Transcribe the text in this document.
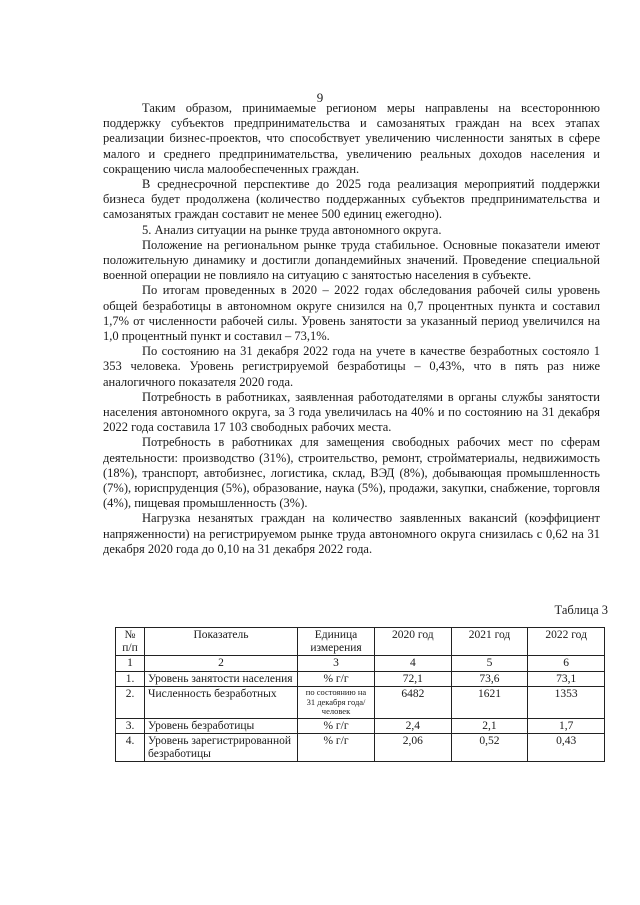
9

Таким образом, принимаемые регионом меры направлены на всестороннюю поддержку субъектов предпринимательства и самозанятых граждан на всех этапах реализации бизнес-проектов, что способствует увеличению численности занятых в сфере малого и среднего предпринимательства, увеличению реальных доходов населения и сокращению числа малообеспеченных граждан.

В среднесрочной перспективе до 2025 года реализация мероприятий поддержки бизнеса будет продолжена (количество поддержанных субъектов предпринимательства и самозанятых граждан составит не менее 500 единиц ежегодно).

5. Анализ ситуации на рынке труда автономного округа.

Положение на региональном рынке труда стабильное. Основные показатели имеют положительную динамику и достигли допандемийных значений. Проведение специальной военной операции не повлияло на ситуацию с занятостью населения в субъекте.

По итогам проведенных в 2020 – 2022 годах обследования рабочей силы уровень общей безработицы в автономном округе снизился на 0,7 процентных пункта и составил 1,7% от численности рабочей силы. Уровень занятости за указанный период увеличился на 1,0 процентный пункт и составил – 73,1%.

По состоянию на 31 декабря 2022 года на учете в качестве безработных состояло 1 353 человека. Уровень регистрируемой безработицы – 0,43%, что в пять раз ниже аналогичного показателя 2020 года.

Потребность в работниках, заявленная работодателями в органы службы занятости населения автономного округа, за 3 года увеличилась на 40% и по состоянию на 31 декабря 2022 года составила 17 103 свободных рабочих места.

Потребность в работниках для замещения свободных рабочих мест по сферам деятельности: производство (31%), строительство, ремонт, стройматериалы, недвижимость (18%), транспорт, автобизнес, логистика, склад, ВЭД (8%), добывающая промышленность (7%), юриспруденция (5%), образование, наука (5%), продажи, закупки, снабжение, торговля (4%), пищевая промышленность (3%).

Нагрузка незанятых граждан на количество заявленных вакансий (коэффициент напряженности) на регистрируемом рынке труда автономного округа снизилась с 0,62 на 31 декабря 2020 года до 0,10 на 31 декабря 2022 года.

Таблица 3
№ п/п	Показатель	Единица измерения	2020 год	2021 год	2022 год
1	2	3	4	5	6
1.	Уровень занятости населения	% г/г	72,1	73,6	73,1
2.	Численность безработных	по состоянию на 31 декабря года/ человек	6482	1621	1353
3.	Уровень безработицы	% г/г	2,4	2,1	1,7
4.	Уровень зарегистрированной безработицы	% г/г	2,06	0,52	0,43
